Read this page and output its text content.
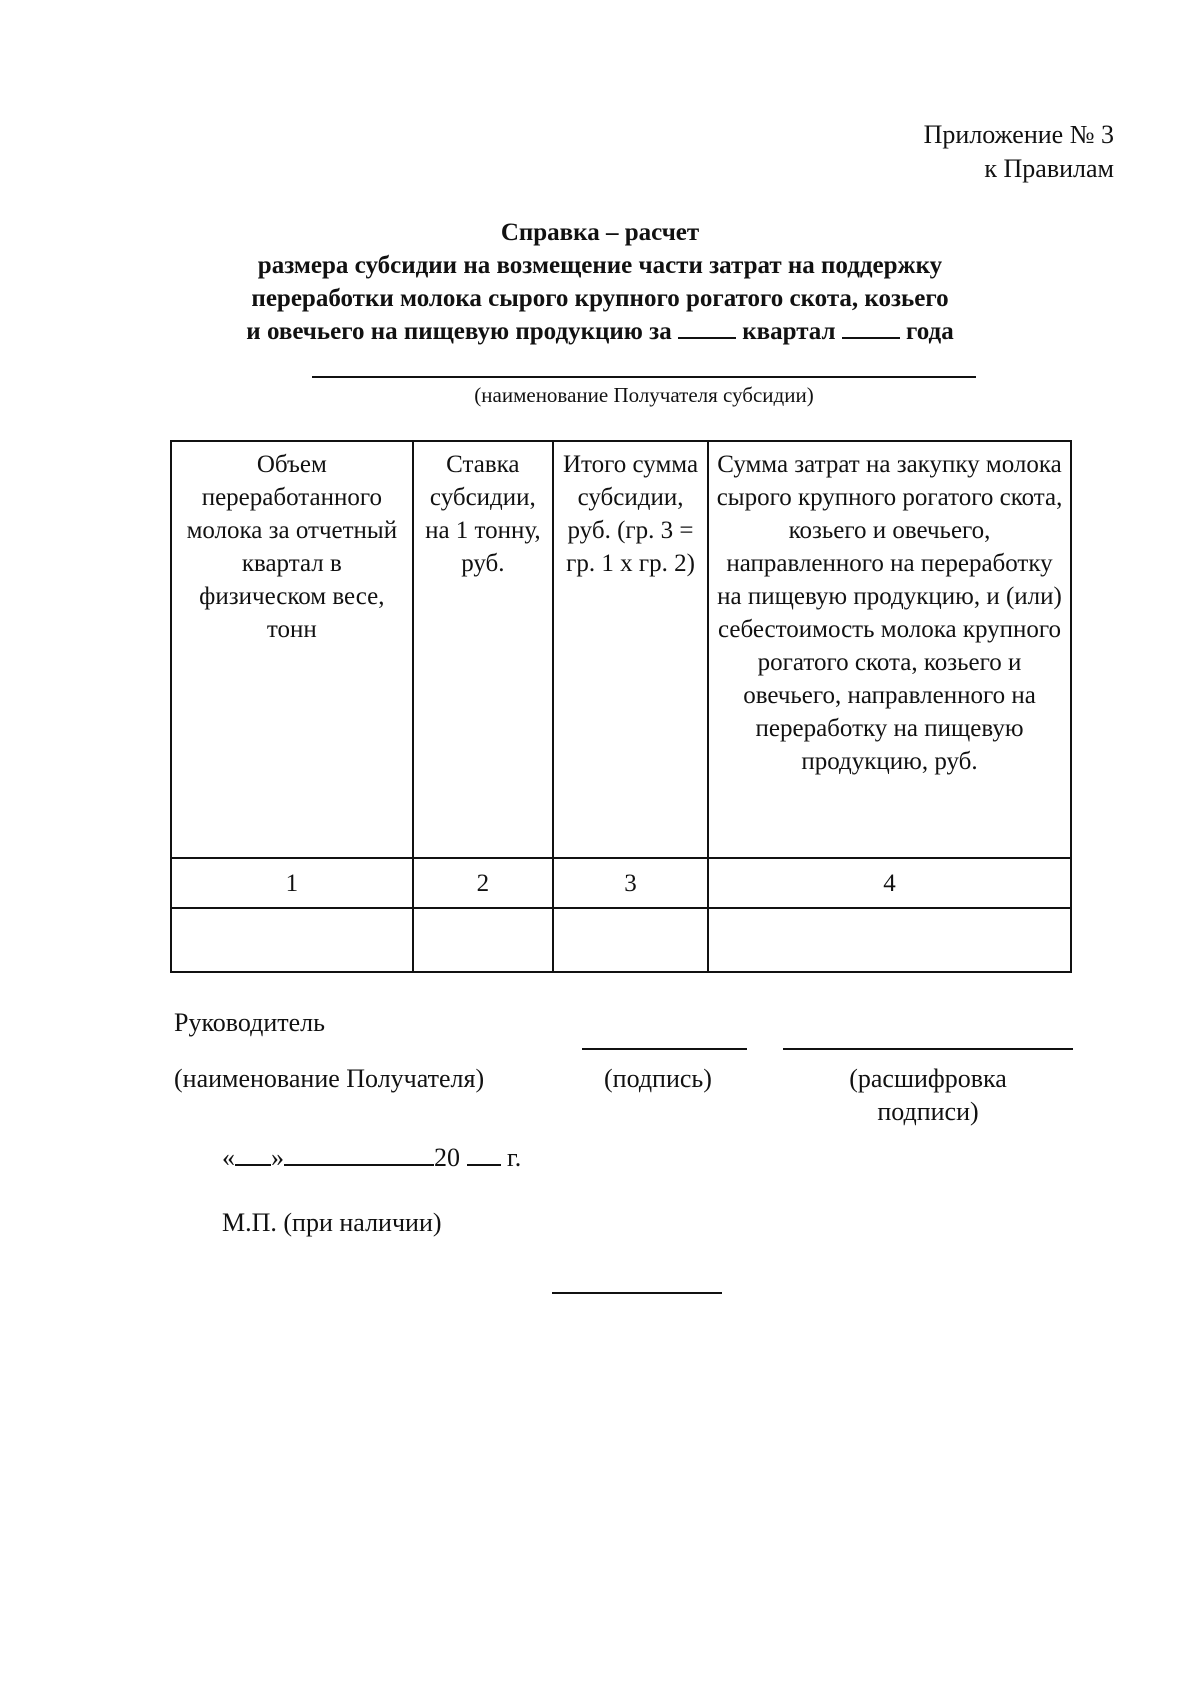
Приложение № 3
к Правилам
Справка – расчет
размера субсидии на возмещение части затрат на поддержку
переработки молока сырого крупного рогатого скота, козьего
и овечьего на пищевую продукцию за	квартал	года
(наименование Получателя субсидии)
Объем переработанного молока за отчетный квартал в физическом весе, тонн	Ставка субсидии, на 1 тонну, руб.	Итого сумма субсидии, руб. (гр. 3 = гр. 1 x гр. 2)	Сумма затрат на закупку молока сырого крупного рогатого скота, козьего и овечьего, направленного на переработку на пищевую продукцию, и (или) себестоимость молока крупного рогатого скота, козьего и овечьего, направленного на переработку на пищевую продукцию, руб.
1	2	3	4

Руководитель
(наименование Получателя)	(подпись)	(расшифровка
подписи)
« »	20 г.
М.П. (при наличии)
